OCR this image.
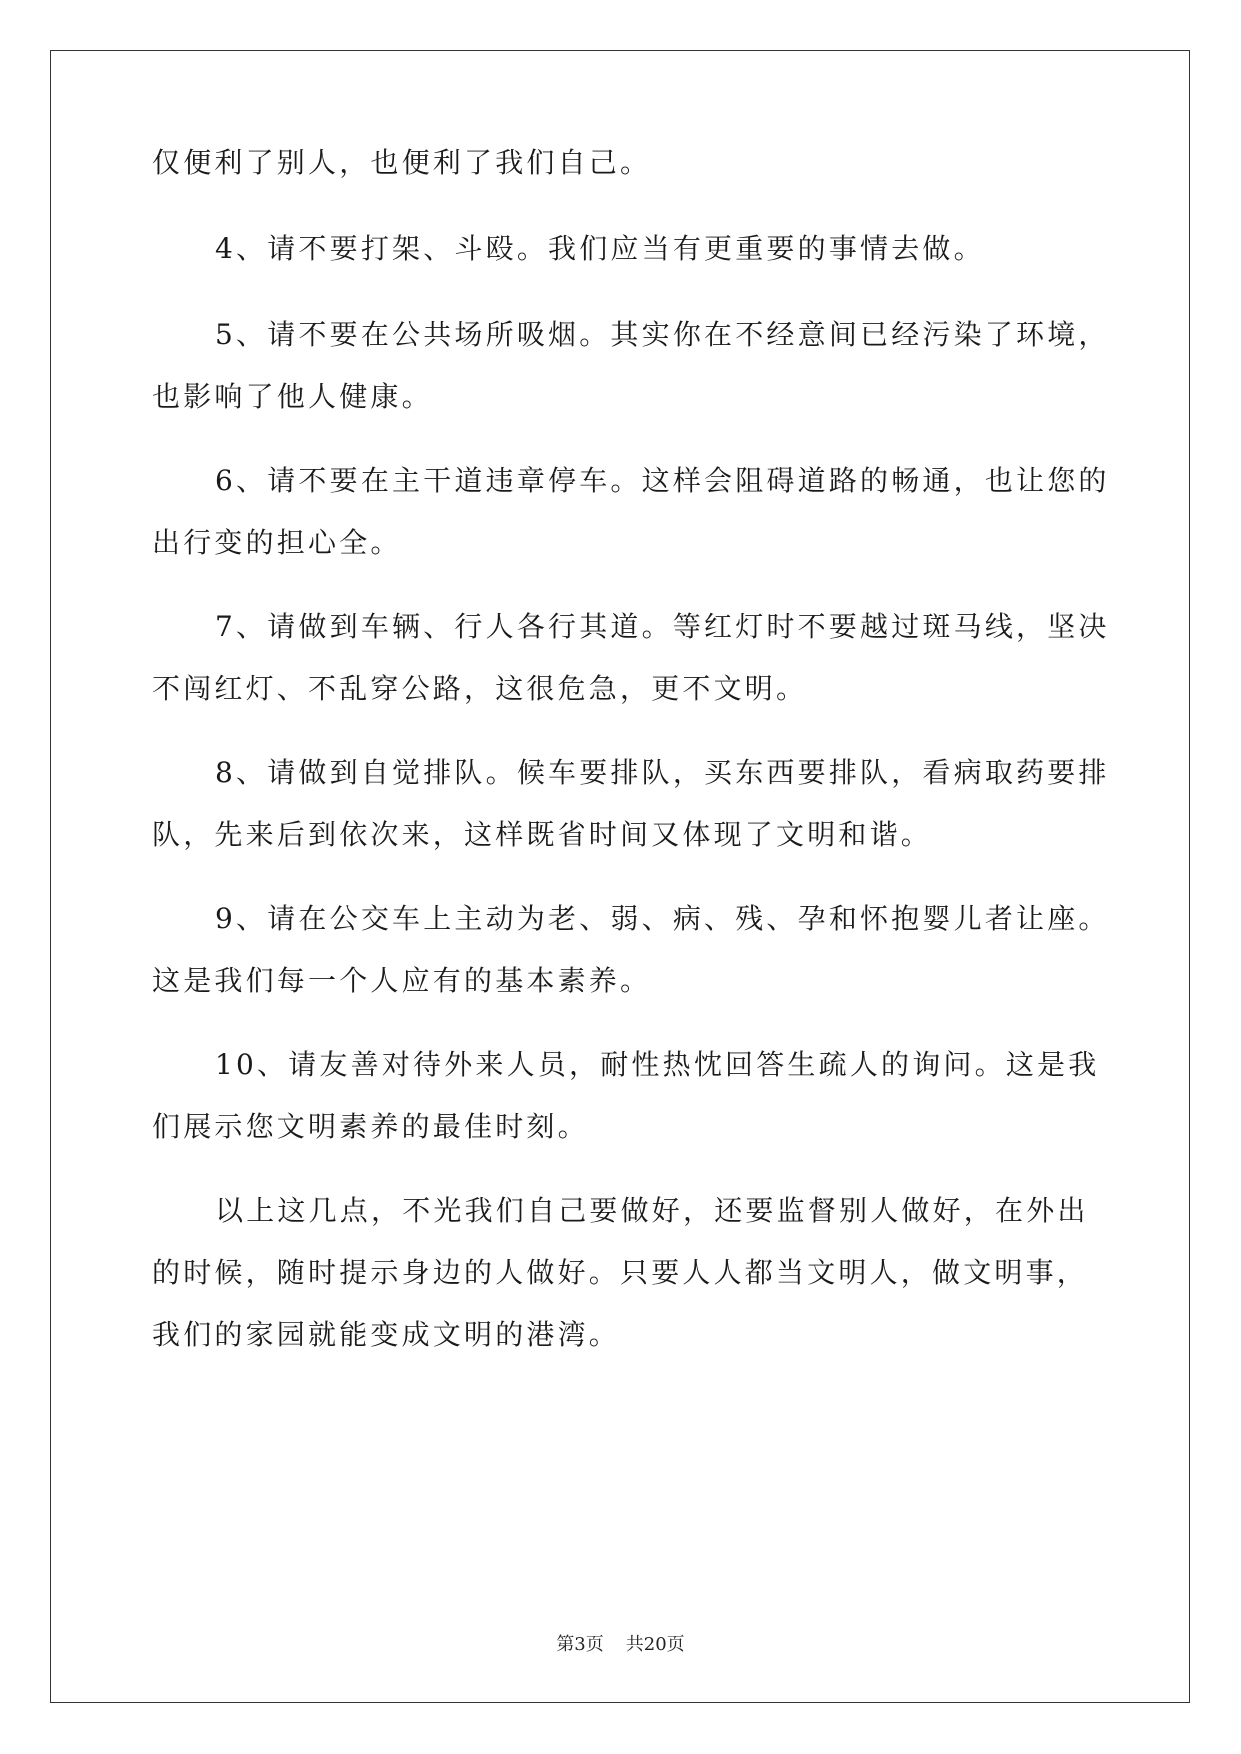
仅便利了别人，也便利了我们自己。
4、请不要打架、斗殴。我们应当有更重要的事情去做。
5、请不要在公共场所吸烟。其实你在不经意间已经污染了环境，
也影响了他人健康。
6、请不要在主干道违章停车。这样会阻碍道路的畅通，也让您的
出行变的担心全。
7、请做到车辆、行人各行其道。等红灯时不要越过斑马线，坚决
不闯红灯、不乱穿公路，这很危急，更不文明。
8、请做到自觉排队。候车要排队，买东西要排队，看病取药要排
队，先来后到依次来，这样既省时间又体现了文明和谐。
9、请在公交车上主动为老、弱、病、残、孕和怀抱婴儿者让座。
这是我们每一个人应有的基本素养。
10、请友善对待外来人员，耐性热忱回答生疏人的询问。这是我
们展示您文明素养的最佳时刻。
以上这几点，不光我们自己要做好，还要监督别人做好，在外出
的时候，随时提示身边的人做好。只要人人都当文明人，做文明事，
我们的家园就能变成文明的港湾。
第3页 共20页
